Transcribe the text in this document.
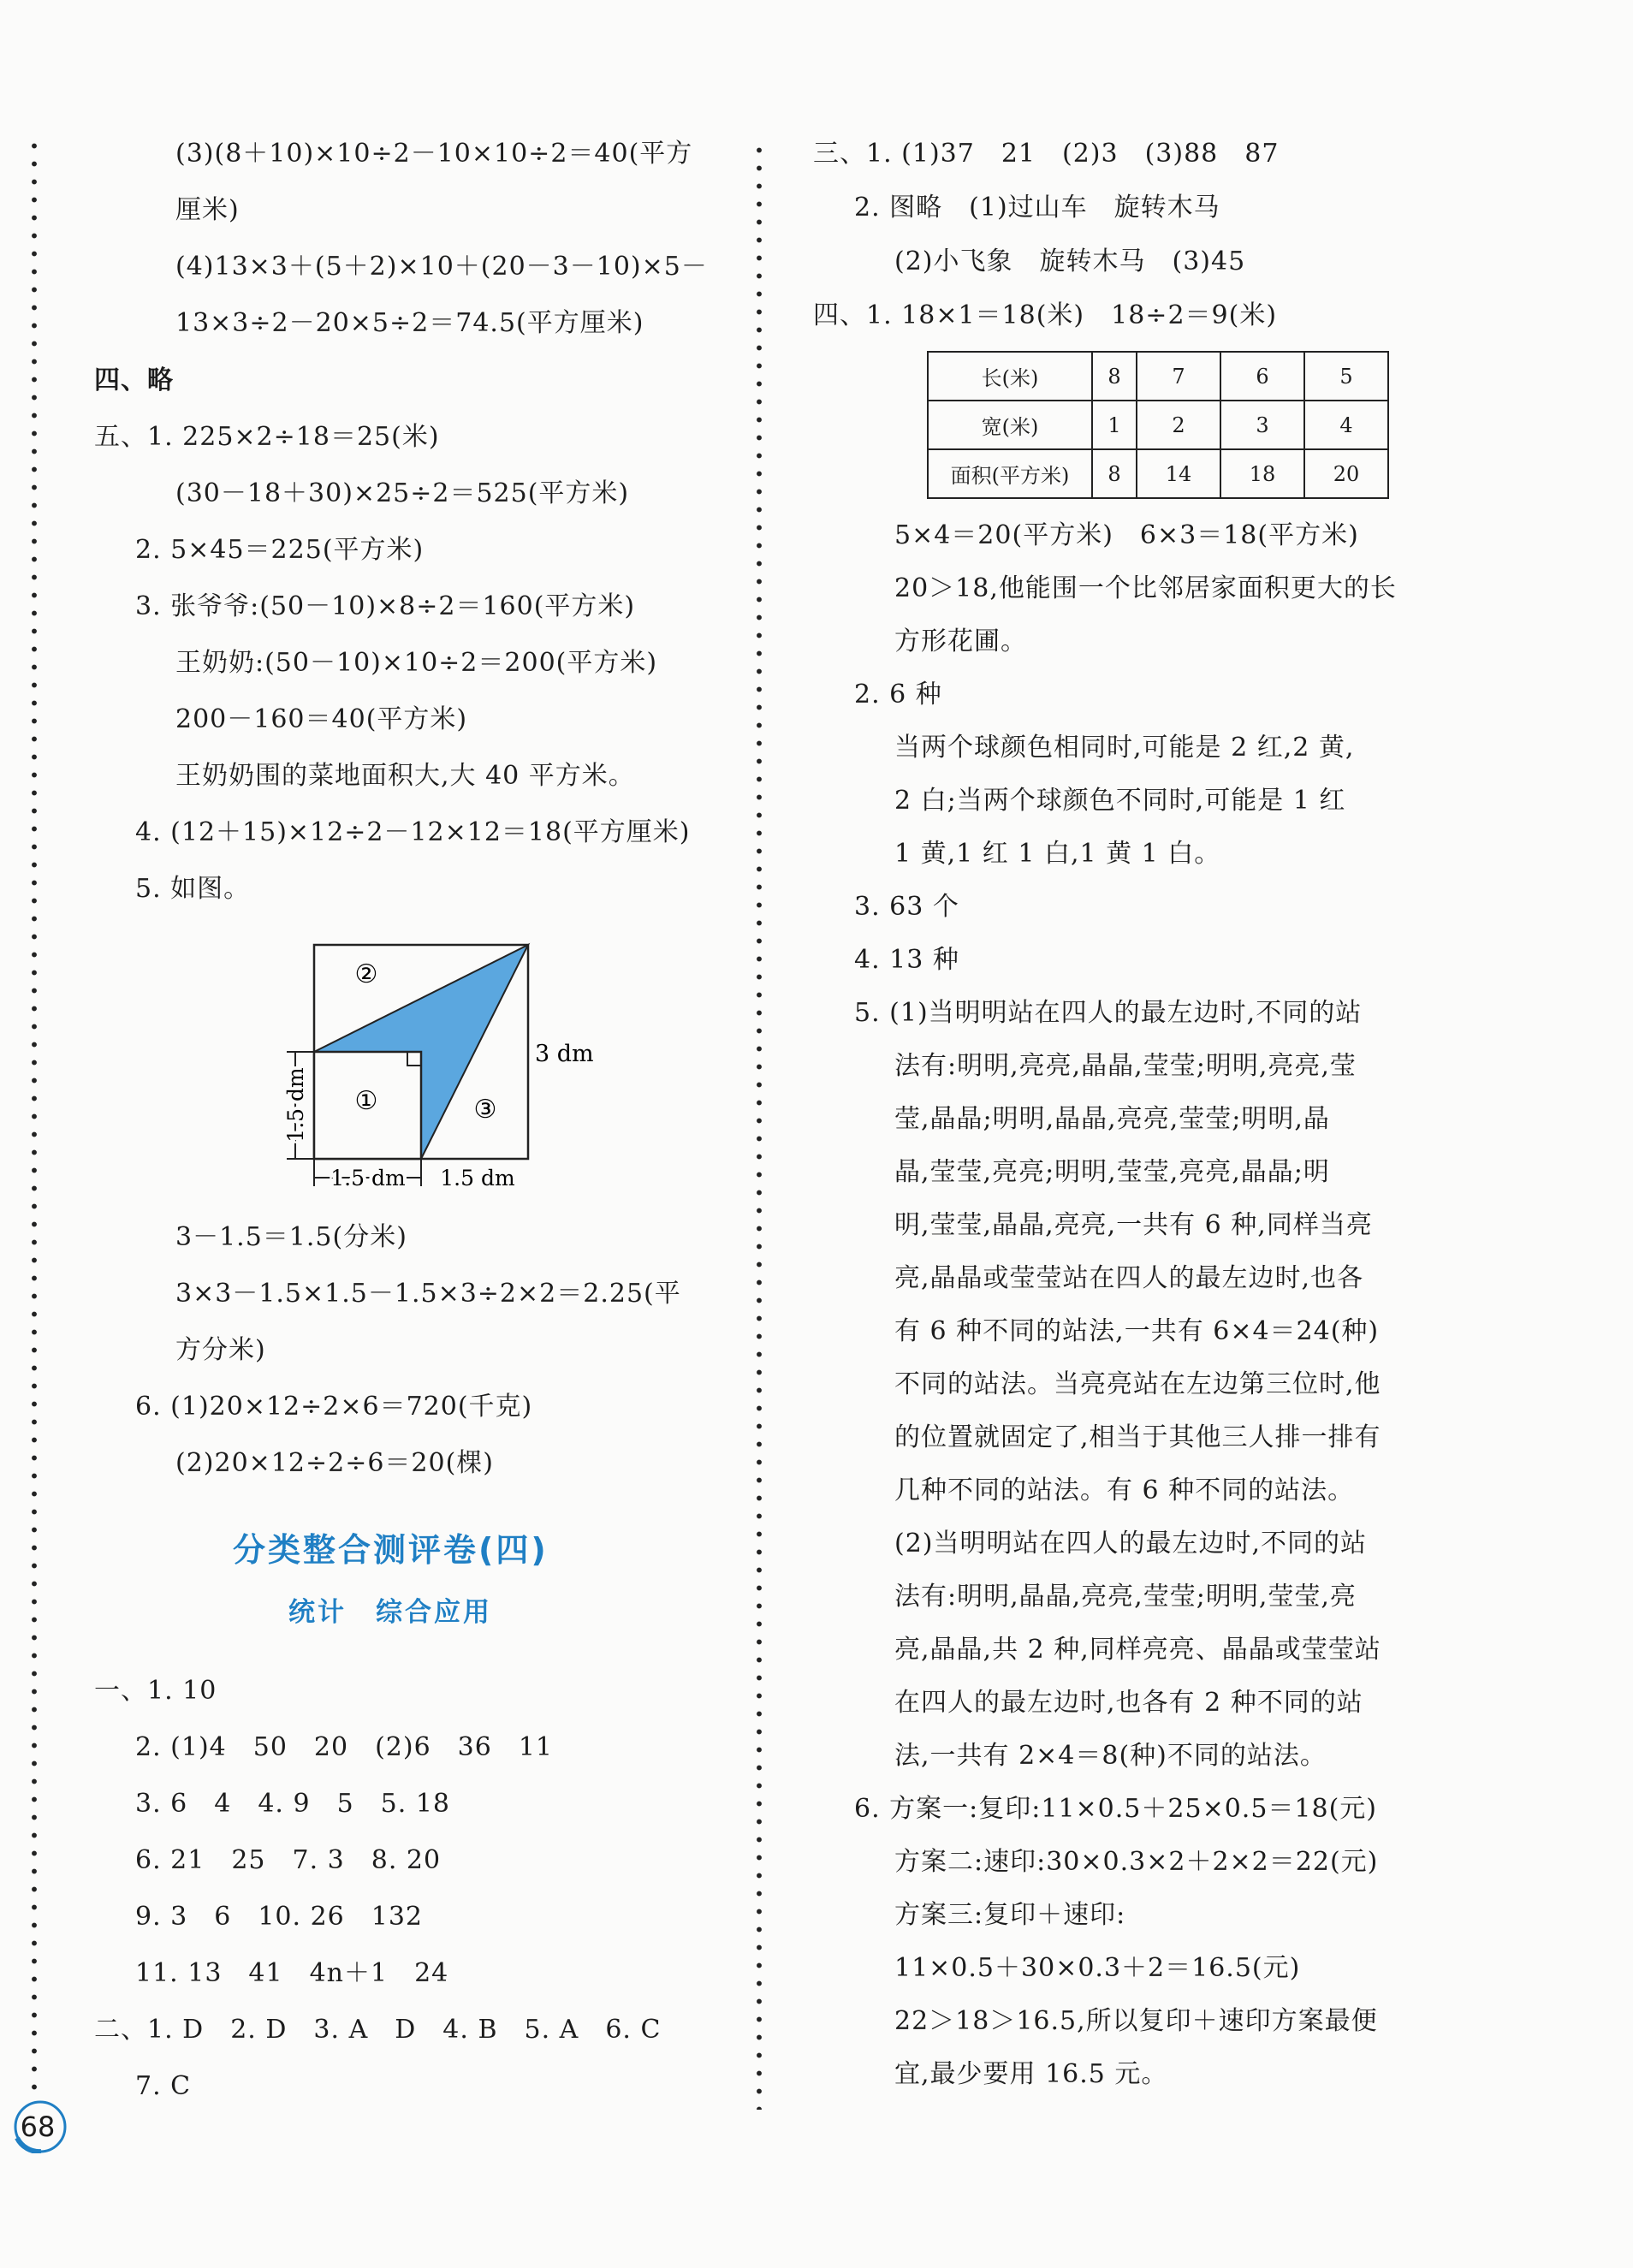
(3)(8＋10)×10÷2－10×10÷2＝40(平方
厘米)
(4)13×3＋(5＋2)×10＋(20－3－10)×5－
13×3÷2－20×5÷2＝74.5(平方厘米)
四、略
五、1. 225×2÷18＝25(米)
(30－18＋30)×25÷2＝525(平方米)
2. 5×45＝225(平方米)
3. 张爷爷:(50－10)×8÷2＝160(平方米)
王奶奶:(50－10)×10÷2＝200(平方米)
200－160＝40(平方米)
王奶奶围的菜地面积大,大 40 平方米。
4. (12＋15)×12÷2－12×12＝18(平方厘米)
5. 如图。
②
①	③
3 dm
1.5 dm
1.5 dm 1.5 dm
3－1.5＝1.5(分米)
3×3－1.5×1.5－1.5×3÷2×2＝2.25(平
方分米)
6. (1)20×12÷2×6＝720(千克)
(2)20×12÷2÷6＝20(棵)
分类整合测评卷(四)
统计　综合应用
一、1. 10
2. (1)4　50　20　(2)6　36　11
3. 6　4　4. 9　5　5. 18
6. 21　25　7. 3　8. 20
9. 3　6　10. 26　132
11. 13　41　4n＋1　24
二、1. D　2. D　3. A　D　4. B　5. A　6. C
7. C
三、1. (1)37　21　(2)3　(3)88　87
2. 图略　(1)过山车　旋转木马
(2)小飞象　旋转木马　(3)45
四、1. 18×1＝18(米)　18÷2＝9(米)
长(米)	8	7	6	5
宽(米)	1	2	3	4
面积(平方米)	8	14	18	20
5×4＝20(平方米)　6×3＝18(平方米)
20＞18,他能围一个比邻居家面积更大的长
方形花圃。
2. 6 种
当两个球颜色相同时,可能是 2 红,2 黄,
2 白;当两个球颜色不同时,可能是 1 红
1 黄,1 红 1 白,1 黄 1 白。
3. 63 个
4. 13 种
5. (1)当明明站在四人的最左边时,不同的站
法有:明明,亮亮,晶晶,莹莹;明明,亮亮,莹
莹,晶晶;明明,晶晶,亮亮,莹莹;明明,晶
晶,莹莹,亮亮;明明,莹莹,亮亮,晶晶;明
明,莹莹,晶晶,亮亮,一共有 6 种,同样当亮
亮,晶晶或莹莹站在四人的最左边时,也各
有 6 种不同的站法,一共有 6×4＝24(种)
不同的站法。当亮亮站在左边第三位时,他
的位置就固定了,相当于其他三人排一排有
几种不同的站法。有 6 种不同的站法。
(2)当明明站在四人的最左边时,不同的站
法有:明明,晶晶,亮亮,莹莹;明明,莹莹,亮
亮,晶晶,共 2 种,同样亮亮、晶晶或莹莹站
在四人的最左边时,也各有 2 种不同的站
法,一共有 2×4＝8(种)不同的站法。
6. 方案一:复印:11×0.5＋25×0.5＝18(元)
方案二:速印:30×0.3×2＋2×2＝22(元)
方案三:复印＋速印:
11×0.5＋30×0.3＋2＝16.5(元)
22＞18＞16.5,所以复印＋速印方案最便
宜,最少要用 16.5 元。
68
